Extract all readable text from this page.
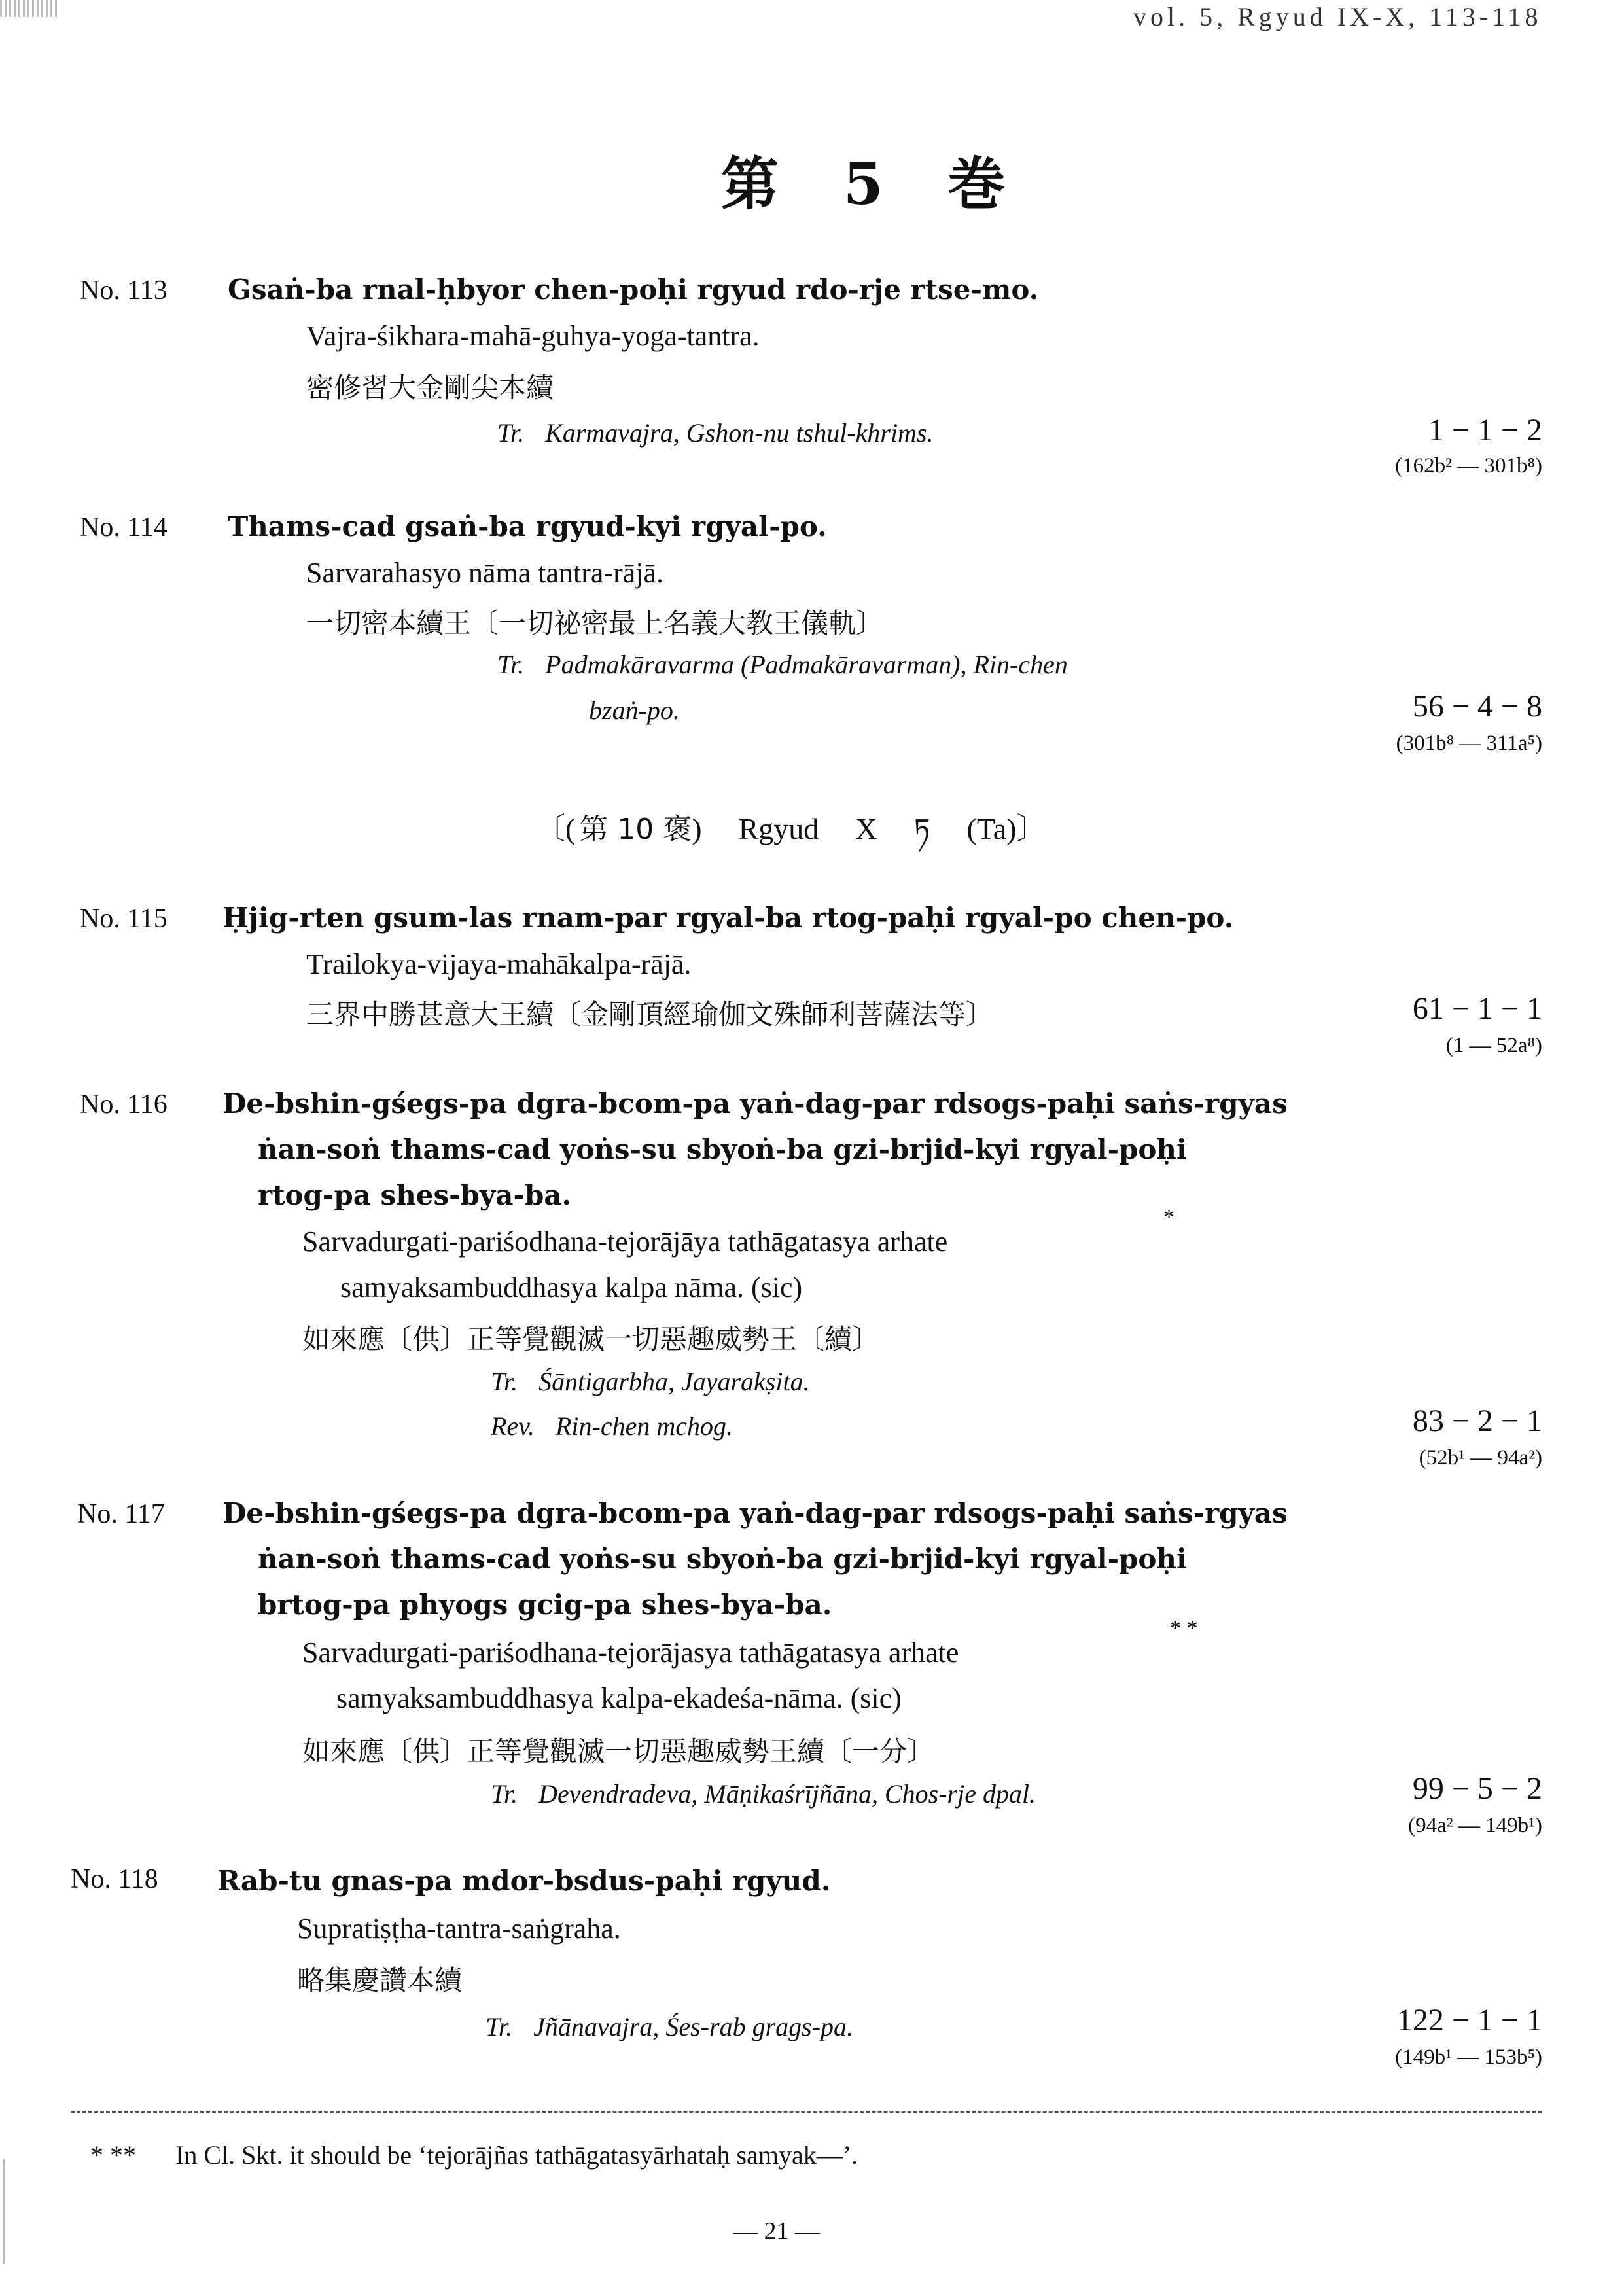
vol. 5, Rgyud IX-X, 113-118
第 5 巻
No. 113 Gsaṅ-ba rnal-ḥbyor chen-poḥi rgyud rdo-rje rtse-mo.
Vajra-śikhara-mahā-guhya-yoga-tantra.
密修習大金剛尖本續
Tr. Karmavajra, Gshon-nu tshul-khrims.	1 − 1 − 2
(162b² — 301b⁸)
No. 114 Thams-cad gsaṅ-ba rgyud-kyi rgyal-po.
Sarvarahasyo nāma tantra-rājā.
一切密本續王〔一切祕密最上名義大教王儀軌〕
Tr. Padmakāravarma (Padmakāravarman), Rin-chen
bzaṅ-po.	56 − 4 − 8
(301b⁸ — 311a⁵)
〔( 第 10 褒 ) Rgyud X ཏ (Ta) 〕
No. 115 Ḥjig-rten gsum-las rnam-par rgyal-ba rtog-paḥi rgyal-po chen-po.
Trailokya-vijaya-mahākalpa-rājā.
三界中勝甚意大王續〔金剛頂經瑜伽文殊師利菩薩法等〕	61 − 1 − 1
(1 — 52a⁸)
No. 116 De-bshin-gśegs-pa dgra-bcom-pa yaṅ-dag-par rdsogs-paḥi saṅs-rgyas
ṅan-soṅ thams-cad yoṅs-su sbyoṅ-ba gzi-brjid-kyi rgyal-poḥi
rtog-pa shes-bya-ba.
Sarvadurgati-pariśodhana-tejorājāya tathāgatasya arhate
*
samyaksambuddhasya kalpa nāma. (sic)
如來應〔供〕正等覺觀滅一切惡趣威勢王〔續〕
Tr. Śāntigarbha, Jayarakṣita.
Rev. Rin-chen mchog.	83 − 2 − 1
(52b¹ — 94a²)
No. 117 De-bshin-gśegs-pa dgra-bcom-pa yaṅ-dag-par rdsogs-paḥi saṅs-rgyas
ṅan-soṅ thams-cad yoṅs-su sbyoṅ-ba gzi-brjid-kyi rgyal-poḥi
brtog-pa phyogs gcig-pa shes-bya-ba.
Sarvadurgati-pariśodhana-tejorājasya tathāgatasya arhate
* *
samyaksambuddhasya kalpa-ekadeśa-nāma. (sic)
如來應〔供〕正等覺觀滅一切惡趣威勢王續〔一分〕
Tr. Devendradeva, Māṇikaśrījñāna, Chos-rje dpal.	99 − 5 − 2
(94a² — 149b¹)
No. 118 Rab-tu gnas-pa mdor-bsdus-paḥi rgyud.
Supratiṣṭha-tantra-saṅgraha.
略集慶讚本續
Tr. Jñānavajra, Śes-rab grags-pa.	122 − 1 − 1
(149b¹ — 153b⁵)
* ** In Cl. Skt. it should be ‘tejorājñas tathāgatasyārhataḥ samyak—’.
— 21 —
